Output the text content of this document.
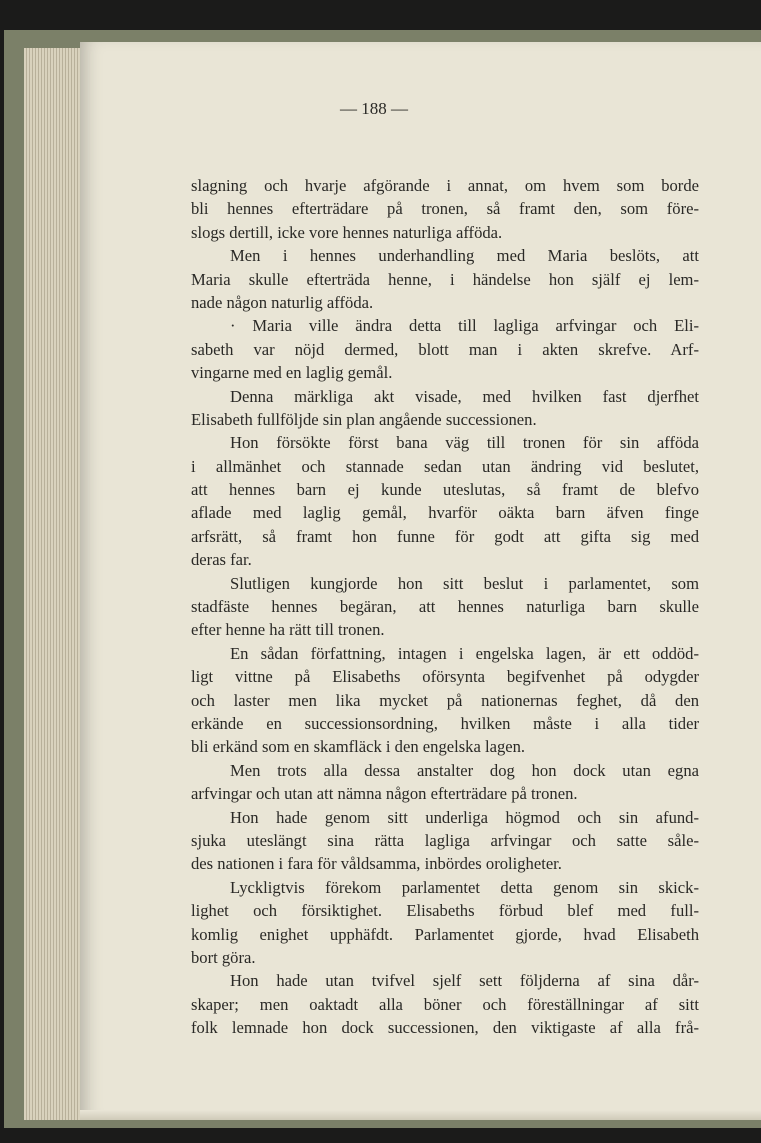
— 188 —
slagning och hvarje afgörande i annat, om hvem som borde
bli hennes efterträdare på tronen, så framt den, som före-
slogs dertill, icke vore hennes naturliga afföda.
Men i hennes underhandling med Maria beslöts, att
Maria skulle efterträda henne, i händelse hon själf ej lem-
nade någon naturlig afföda.
· Maria ville ändra detta till lagliga arfvingar och Eli-
sabeth var nöjd dermed, blott man i akten skrefve. Arf-
vingarne med en laglig gemål.
Denna märkliga akt visade, med hvilken fast djerfhet
Elisabeth fullföljde sin plan angående successionen.
Hon försökte först bana väg till tronen för sin afföda
i allmänhet och stannade sedan utan ändring vid beslutet,
att hennes barn ej kunde uteslutas, så framt de blefvo
aflade med laglig gemål, hvarför oäkta barn äfven finge
arfsrätt, så framt hon funne för godt att gifta sig med
deras far.
Slutligen kungjorde hon sitt beslut i parlamentet, som
stadfäste hennes begäran, att hennes naturliga barn skulle
efter henne ha rätt till tronen.
En sådan författning, intagen i engelska lagen, är ett oddöd-
ligt vittne på Elisabeths oförsynta begifvenhet på odygder
och laster men lika mycket på nationernas feghet, då den
erkände en successionsordning, hvilken måste i alla tider
bli erkänd som en skamfläck i den engelska lagen.
Men trots alla dessa anstalter dog hon dock utan egna
arfvingar och utan att nämna någon efterträdare på tronen.
Hon hade genom sitt underliga högmod och sin afund-
sjuka uteslängt sina rätta lagliga arfvingar och satte såle-
des nationen i fara för våldsamma, inbördes oroligheter.
Lyckligtvis förekom parlamentet detta genom sin skick-
lighet och försiktighet. Elisabeths förbud blef med full-
komlig enighet upphäfdt. Parlamentet gjorde, hvad Elisabeth
bort göra.
Hon hade utan tvifvel sjelf sett följderna af sina dår-
skaper; men oaktadt alla böner och föreställningar af sitt
folk lemnade hon dock successionen, den viktigaste af alla frå-
